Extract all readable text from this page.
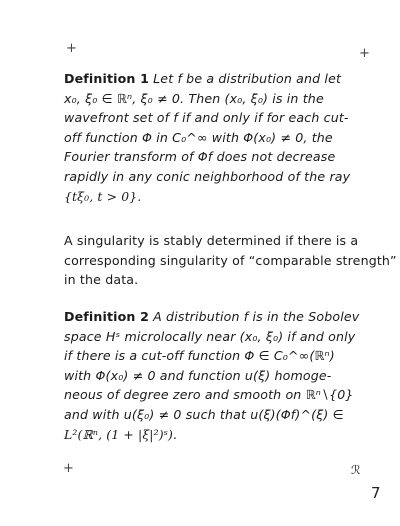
+	+
+	ℛ
7
Definition 1 Let f be a distribution and let
x₀, ξ₀ ∈ ℝⁿ, ξ₀ ≠ 0. Then (x₀, ξ₀) is in the
wavefront set of f if and only if for each cut-
off function Φ in C₀^∞ with Φ(x₀) ≠ 0, the
Fourier transform of Φf does not decrease
rapidly in any conic neighborhood of the ray
{tξ₀, t > 0}.
A singularity is stably determined if there is a
corresponding singularity of “comparable strength”
in the data.
Definition 2 A distribution f is in the Sobolev
space Hˢ microlocally near (x₀, ξ₀) if and only
if there is a cut-off function Φ ∈ C₀^∞(ℝⁿ)
with Φ(x₀) ≠ 0 and function u(ξ) homoge-
neous of degree zero and smooth on ℝⁿ∖{0}
and with u(ξ₀) ≠ 0 such that u(ξ)(Φf)^(ξ) ∈
L²(ℝⁿ, (1 + |ξ|²)ˢ).
